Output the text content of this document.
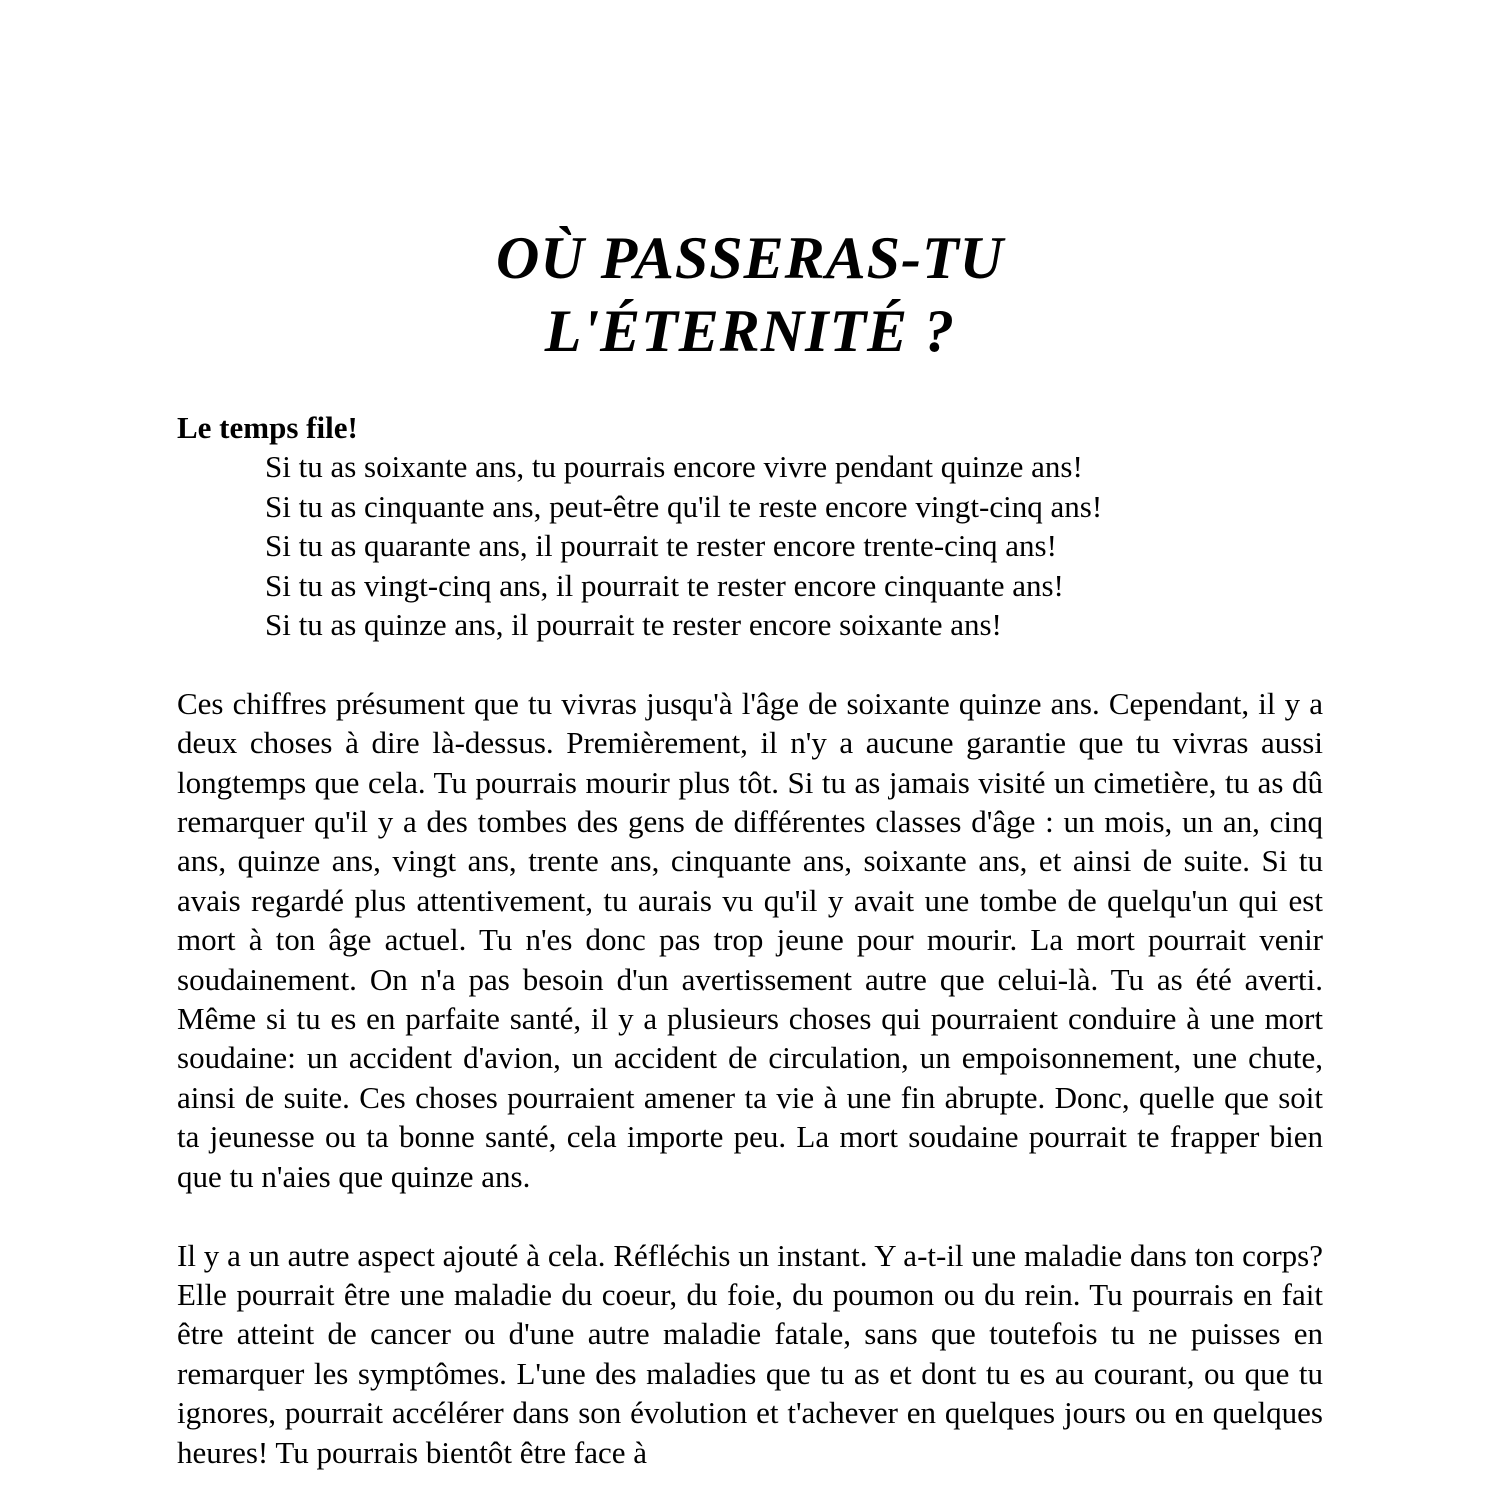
OÙ PASSERAS-TU
L'ÉTERNITÉ ?

Le temps file!

Si tu as soixante ans, tu pourrais encore vivre pendant quinze ans!
Si tu as cinquante ans, peut-être qu'il te reste encore vingt-cinq ans!
Si tu as quarante ans, il pourrait te rester encore trente-cinq ans!
Si tu as vingt-cinq ans, il pourrait te rester encore cinquante ans!
Si tu as quinze ans, il pourrait te rester encore soixante ans!

Ces chiffres présument que tu vivras jusqu'à l'âge de soixante quinze ans. Cependant, il y a deux choses à dire là-dessus. Premièrement, il n'y a aucune garantie que tu vivras aussi longtemps que cela. Tu pourrais mourir plus tôt. Si tu as jamais visité un cimetière, tu as dû remarquer qu'il y a des tombes des gens de différentes classes d'âge : un mois, un an, cinq ans, quinze ans, vingt ans, trente ans, cinquante ans, soixante ans, et ainsi de suite. Si tu avais regardé plus attentivement, tu aurais vu qu'il y avait une tombe de quelqu'un qui est mort à ton âge actuel. Tu n'es donc pas trop jeune pour mourir. La mort pourrait venir soudainement. On n'a pas besoin d'un avertissement autre que celui-là. Tu as été averti. Même si tu es en parfaite santé, il y a plusieurs choses qui pourraient conduire à une mort soudaine: un accident d'avion, un accident de circulation, un empoisonnement, une chute, ainsi de suite. Ces choses pourraient amener ta vie à une fin abrupte. Donc, quelle que soit ta jeunesse ou ta bonne santé, cela importe peu. La mort soudaine pourrait te frapper bien que tu n'aies que quinze ans.

Il y a un autre aspect ajouté à cela. Réfléchis un instant. Y a-t-il une maladie dans ton corps? Elle pourrait être une maladie du coeur, du foie, du poumon ou du rein. Tu pourrais en fait être atteint de cancer ou d'une autre maladie fatale, sans que toutefois tu ne puisses en remarquer les symptômes. L'une des maladies que tu as et dont tu es au courant, ou que tu ignores, pourrait accélérer dans son évolution et t'achever en quelques jours ou en quelques heures! Tu pourrais bientôt être face à
